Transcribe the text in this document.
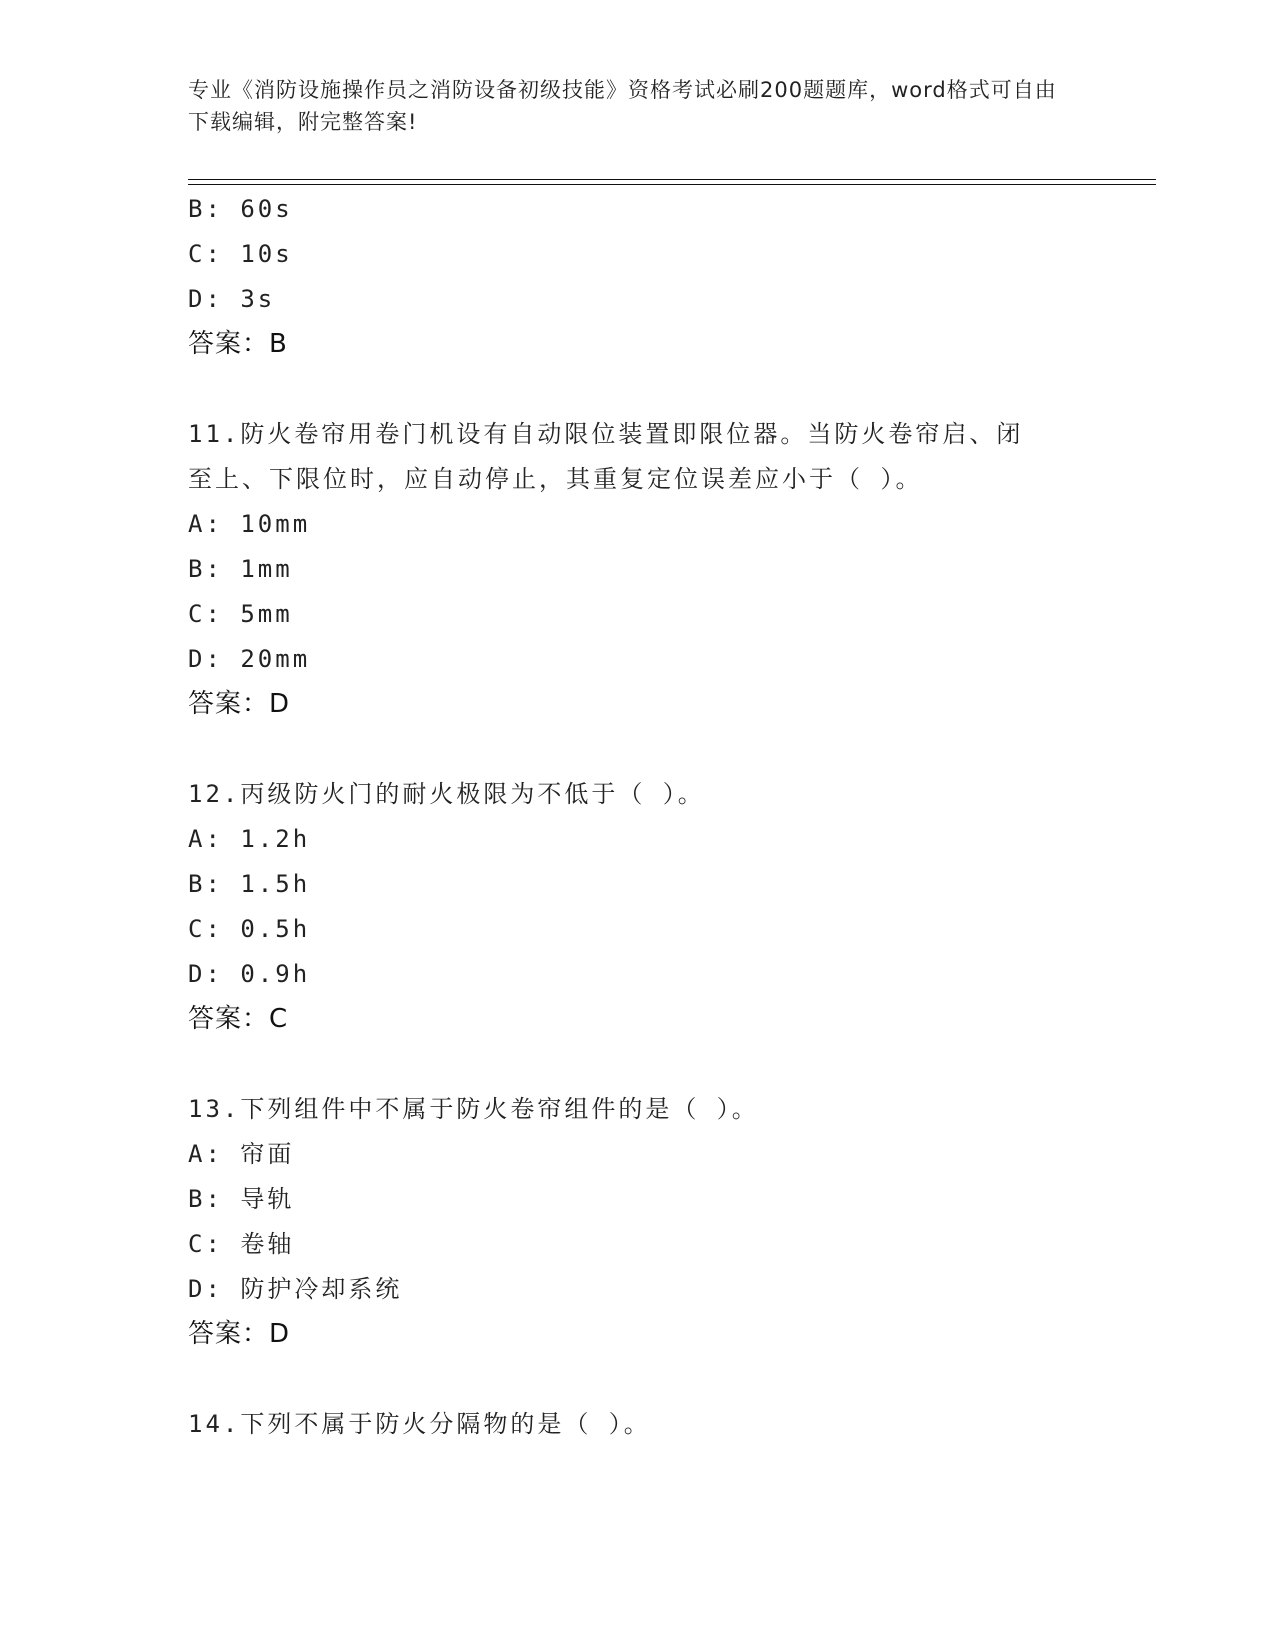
专业《消防设施操作员之消防设备初级技能》资格考试必刷200题题库，word格式可自由下载编辑，附完整答案!
B: 60s
C: 10s
D: 3s
答案：B
11.防火卷帘用卷门机设有自动限位装置即限位器。当防火卷帘启、闭
至上、下限位时，应自动停止，其重复定位误差应小于（ ）。
A: 10mm
B: 1mm
C: 5mm
D: 20mm
答案：D
12.丙级防火门的耐火极限为不低于（ ）。
A: 1.2h
B: 1.5h
C: 0.5h
D: 0.9h
答案：C
13.下列组件中不属于防火卷帘组件的是（ ）。
A: 帘面
B: 导轨
C: 卷轴
D: 防护冷却系统
答案：D
14.下列不属于防火分隔物的是（ ）。
